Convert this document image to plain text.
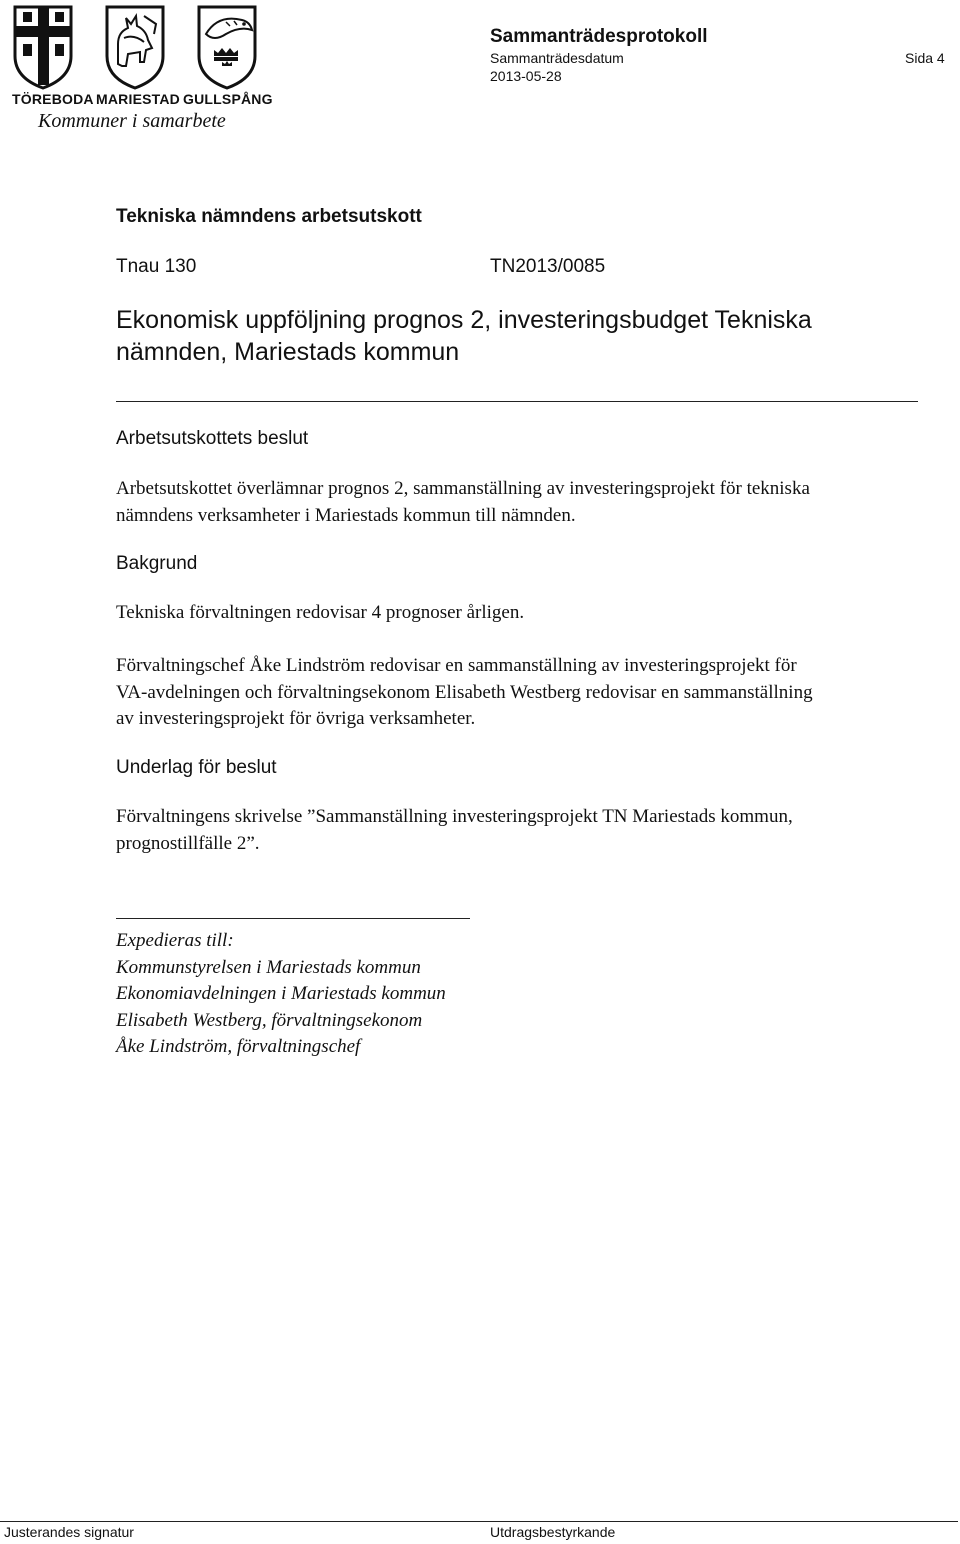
TÖREBODA MARIESTAD GULLSPÅNG
Kommuner i samarbete
Sammanträdesprotokoll
Sammanträdesdatum
2013-05-28
Sida 4
Tekniska nämndens arbetsutskott
Tnau 130	TN2013/0085
Ekonomisk uppföljning prognos 2, investeringsbudget Tekniska
nämnden, Mariestads kommun
Arbetsutskottets beslut
Arbetsutskottet överlämnar prognos 2, sammanställning av investeringsprojekt för tekniska
nämndens verksamheter i Mariestads kommun till nämnden.
Bakgrund
Tekniska förvaltningen redovisar 4 prognoser årligen.
Förvaltningschef Åke Lindström redovisar en sammanställning av investeringsprojekt för
VA-avdelningen och förvaltningsekonom Elisabeth Westberg redovisar en sammanställning
av investeringsprojekt för övriga verksamheter.
Underlag för beslut
Förvaltningens skrivelse ”Sammanställning investeringsprojekt TN Mariestads kommun,
prognostillfälle 2”.
Expedieras till:
Kommunstyrelsen i Mariestads kommun
Ekonomiavdelningen i Mariestads kommun
Elisabeth Westberg, förvaltningsekonom
Åke Lindström, förvaltningschef
Justerandes signatur	Utdragsbestyrkande
